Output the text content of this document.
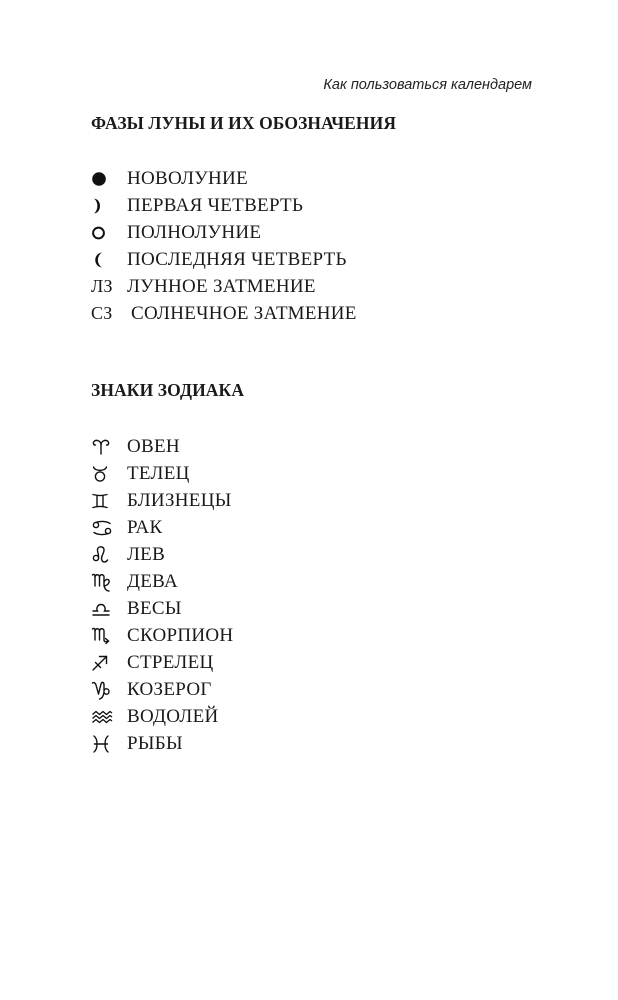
Как пользоваться календарем
ФАЗЫ ЛУНЫ И ИХ ОБОЗНАЧЕНИЯ
НОВОЛУНИЕ
ПЕРВАЯ ЧЕТВЕРТЬ
ПОЛНОЛУНИЕ
ПОСЛЕДНЯЯ ЧЕТВЕРТЬ
ЛЗ ЛУННОЕ ЗАТМЕНИЕ
СЗ СОЛНЕЧНОЕ ЗАТМЕНИЕ
ЗНАКИ ЗОДИАКА
ОВЕН
ТЕЛЕЦ
БЛИЗНЕЦЫ
РАК
ЛЕВ
ДЕВА
ВЕСЫ
СКОРПИОН
СТРЕЛЕЦ
КОЗЕРОГ
ВОДОЛЕЙ
РЫБЫ
